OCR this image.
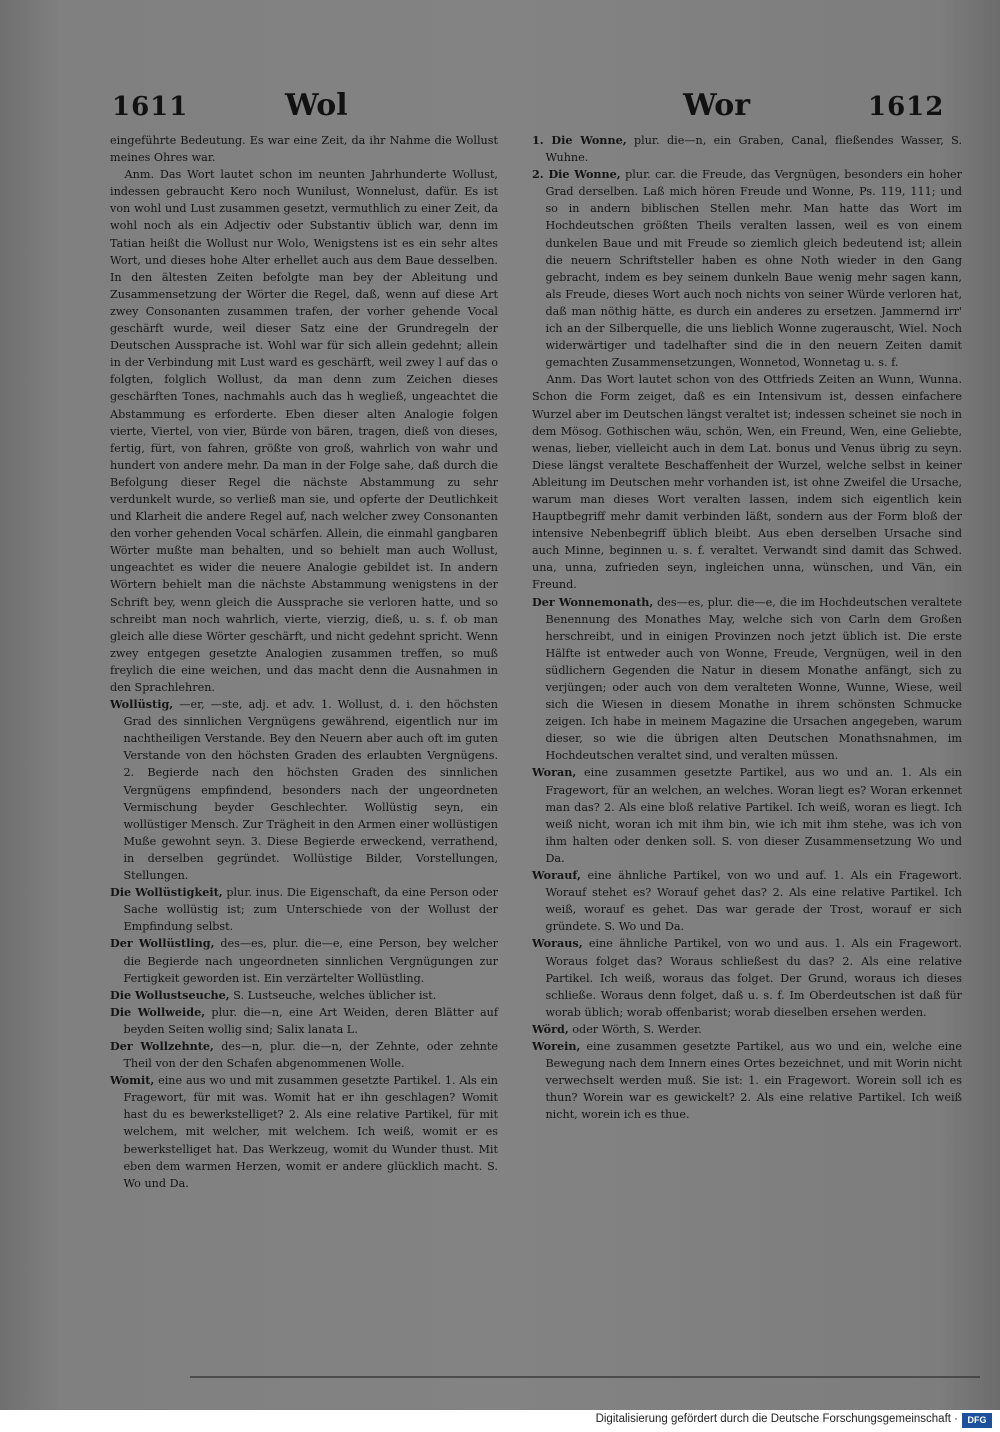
1611	Wol	Wor	1612

eingeführte Bedeutung. Es war eine Zeit, da ihr Nahme die Wollust meines Ohres war.

Anm. Das Wort lautet schon im neunten Jahrhunderte Wollust, indessen gebraucht Kero noch Wunilust, Wonnelust, dafür. Es ist von wohl und Lust zusammen gesetzt, vermuthlich zu einer Zeit, da wohl noch als ein Adjectiv oder Substantiv üblich war, denn im Tatian heißt die Wollust nur Wolo, Wenigstens ist es ein sehr altes Wort, und dieses hohe Alter erhellet auch aus dem Baue desselben. In den ältesten Zeiten befolgte man bey der Ableitung und Zusammensetzung der Wörter die Regel, daß, wenn auf diese Art zwey Consonanten zusammen trafen, der vorher gehende Vocal geschärft wurde, weil dieser Satz eine der Grundregeln der Deutschen Aussprache ist. Wohl war für sich allein gedehnt; allein in der Verbindung mit Lust ward es geschärft, weil zwey l auf das o folgten, folglich Wollust, da man denn zum Zeichen dieses geschärften Tones, nachmahls auch das h wegließ, ungeachtet die Abstammung es erforderte. Eben dieser alten Analogie folgen vierte, Viertel, von vier, Bürde von bären, tragen, dieß von dieses, fertig, fürt, von fahren, größte von groß, wahrlich von wahr und hundert von andere mehr. Da man in der Folge sahe, daß durch die Befolgung dieser Regel die nächste Abstammung zu sehr verdunkelt wurde, so verließ man sie, und opferte der Deutlichkeit und Klarheit die andere Regel auf, nach welcher zwey Consonanten den vorher gehenden Vocal schärfen. Allein, die einmahl gangbaren Wörter mußte man behalten, und so behielt man auch Wollust, ungeachtet es wider die neuere Analogie gebildet ist. In andern Wörtern behielt man die nächste Abstammung wenigstens in der Schrift bey, wenn gleich die Aussprache sie verloren hatte, und so schreibt man noch wahrlich, vierte, vierzig, dieß, u. s. f. ob man gleich alle diese Wörter geschärft, und nicht gedehnt spricht. Wenn zwey entgegen gesetzte Analogien zusammen treffen, so muß freylich die eine weichen, und das macht denn die Ausnahmen in den Sprachlehren.

Wollüstig, —er, —ste, adj. et adv. 1. Wollust, d. i. den höchsten Grad des sinnlichen Vergnügens gewährend, eigentlich nur im nachtheiligen Verstande. Bey den Neuern aber auch oft im guten Verstande von den höchsten Graden des erlaubten Vergnügens. 2. Begierde nach den höchsten Graden des sinnlichen Vergnügens empfindend, besonders nach der ungeordneten Vermischung beyder Geschlechter. Wollüstig seyn, ein wollüstiger Mensch. Zur Trägheit in den Armen einer wollüstigen Muße gewohnt seyn. 3. Diese Begierde erweckend, verrathend, in derselben gegründet. Wollüstige Bilder, Vorstellungen, Stellungen.

Die Wollüstigkeit, plur. inus. Die Eigenschaft, da eine Person oder Sache wollüstig ist; zum Unterschiede von der Wollust der Empfindung selbst.

Der Wollüstling, des—es, plur. die—e, eine Person, bey welcher die Begierde nach ungeordneten sinnlichen Vergnügungen zur Fertigkeit geworden ist. Ein verzärtelter Wollüstling.

Die Wollustseuche, S. Lustseuche, welches üblicher ist.

Die Wollweide, plur. die—n, eine Art Weiden, deren Blätter auf beyden Seiten wollig sind; Salix lanata L.

Der Wollzehnte, des—n, plur. die—n, der Zehnte, oder zehnte Theil von der den Schafen abgenommenen Wolle.

Womit, eine aus wo und mit zusammen gesetzte Partikel. 1. Als ein Fragewort, für mit was. Womit hat er ihn geschlagen? Womit hast du es bewerkstelliget? 2. Als eine relative Partikel, für mit welchem, mit welcher, mit welchem. Ich weiß, womit er es bewerkstelliget hat. Das Werkzeug, womit du Wunder thust. Mit eben dem warmen Herzen, womit er andere glücklich macht. S. Wo und Da.

1. Die Wonne, plur. die—n, ein Graben, Canal, fließendes Wasser, S. Wuhne.

2. Die Wonne, plur. car. die Freude, das Vergnügen, besonders ein hoher Grad derselben. Laß mich hören Freude und Wonne, Ps. 119, 111; und so in andern biblischen Stellen mehr. Man hatte das Wort im Hochdeutschen größten Theils veralten lassen, weil es von einem dunkelen Baue und mit Freude so ziemlich gleich bedeutend ist; allein die neuern Schriftsteller haben es ohne Noth wieder in den Gang gebracht, indem es bey seinem dunkeln Baue wenig mehr sagen kann, als Freude, dieses Wort auch noch nichts von seiner Würde verloren hat, daß man nöthig hätte, es durch ein anderes zu ersetzen. Jammernd irr' ich an der Silberquelle, die uns lieblich Wonne zugerauscht, Wiel. Noch widerwärtiger und tadelhafter sind die in den neuern Zeiten damit gemachten Zusammensetzungen, Wonnetod, Wonnetag u. s. f.

Anm. Das Wort lautet schon von des Ottfrieds Zeiten an Wunn, Wunna. Schon die Form zeiget, daß es ein Intensivum ist, dessen einfachere Wurzel aber im Deutschen längst veraltet ist; indessen scheinet sie noch in dem Mösog. Gothischen wäu, schön, Wen, ein Freund, Wen, eine Geliebte, wenas, lieber, vielleicht auch in dem Lat. bonus und Venus übrig zu seyn. Diese längst veraltete Beschaffenheit der Wurzel, welche selbst in keiner Ableitung im Deutschen mehr vorhanden ist, ist ohne Zweifel die Ursache, warum man dieses Wort veralten lassen, indem sich eigentlich kein Hauptbegriff mehr damit verbinden läßt, sondern aus der Form bloß der intensive Nebenbegriff üblich bleibt. Aus eben derselben Ursache sind auch Minne, beginnen u. s. f. veraltet. Verwandt sind damit das Schwed. una, unna, zufrieden seyn, ingleichen unna, wünschen, und Vän, ein Freund.

Der Wonnemonath, des—es, plur. die—e, die im Hochdeutschen veraltete Benennung des Monathes May, welche sich von Carln dem Großen herschreibt, und in einigen Provinzen noch jetzt üblich ist. Die erste Hälfte ist entweder auch von Wonne, Freude, Vergnügen, weil in den südlichern Gegenden die Natur in diesem Monathe anfängt, sich zu verjüngen; oder auch von dem veralteten Wonne, Wunne, Wiese, weil sich die Wiesen in diesem Monathe in ihrem schönsten Schmucke zeigen. Ich habe in meinem Magazine die Ursachen angegeben, warum dieser, so wie die übrigen alten Deutschen Monathsnahmen, im Hochdeutschen veraltet sind, und veralten müssen.

Woran, eine zusammen gesetzte Partikel, aus wo und an. 1. Als ein Fragewort, für an welchen, an welches. Woran liegt es? Woran erkennet man das? 2. Als eine bloß relative Partikel. Ich weiß, woran es liegt. Ich weiß nicht, woran ich mit ihm bin, wie ich mit ihm stehe, was ich von ihm halten oder denken soll. S. von dieser Zusammensetzung Wo und Da.

Worauf, eine ähnliche Partikel, von wo und auf. 1. Als ein Fragewort. Worauf stehet es? Worauf gehet das? 2. Als eine relative Partikel. Ich weiß, worauf es gehet. Das war gerade der Trost, worauf er sich gründete. S. Wo und Da.

Woraus, eine ähnliche Partikel, von wo und aus. 1. Als ein Fragewort. Woraus folget das? Woraus schließest du das? 2. Als eine relative Partikel. Ich weiß, woraus das folget. Der Grund, woraus ich dieses schließe. Woraus denn folget, daß u. s. f. Im Oberdeutschen ist daß für worab üblich; worab offenbarist; worab dieselben ersehen werden.

Wörd, oder Wörth, S. Werder.

Worein, eine zusammen gesetzte Partikel, aus wo und ein, welche eine Bewegung nach dem Innern eines Ortes bezeichnet, und mit Worin nicht verwechselt werden muß. Sie ist: 1. ein Fragewort. Worein soll ich es thun? Worein war es gewickelt? 2. Als eine relative Partikel. Ich weiß nicht, worein ich es thue.

Digitalisierung gefördert durch die Deutsche Forschungsgemeinschaft ·	DFG
